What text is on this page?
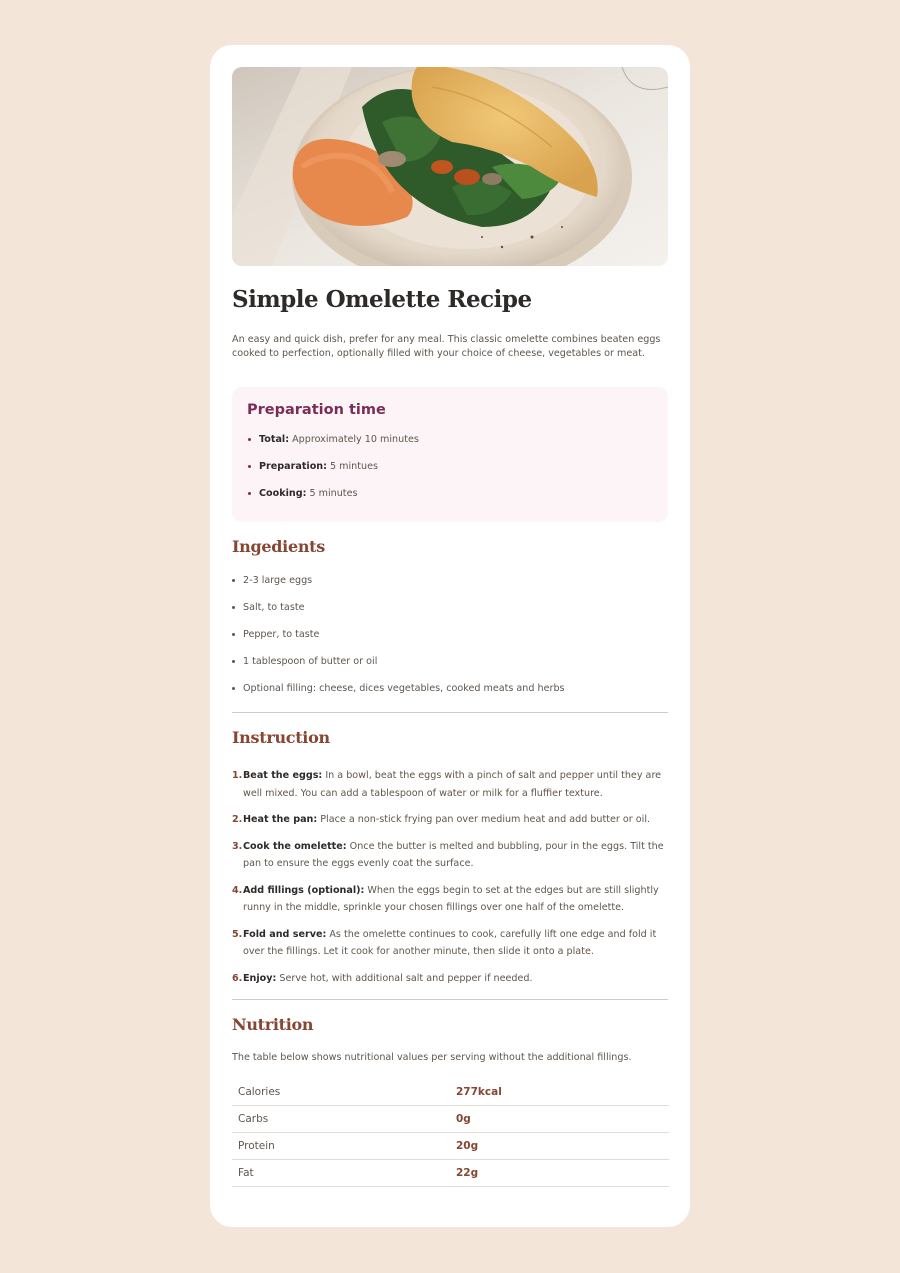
Simple Omelette Recipe

An easy and quick dish, prefer for any meal. This classic omelette combines beaten eggs cooked to perfection, optionally filled with your choice of cheese, vegetables or meat.

Preparation time
Total: Approximately 10 minutes
Preparation: 5 mintues
Cooking: 5 minutes
Ingedients
2-3 large eggs
Salt, to taste
Pepper, to taste
1 tablespoon of butter or oil
Optional filling: cheese, dices vegetables, cooked meats and herbs
Instruction
1. Beat the eggs: In a bowl, beat the eggs with a pinch of salt and pepper until they are well mixed. You can add a tablespoon of water or milk for a fluffier texture.
2. Heat the pan: Place a non-stick frying pan over medium heat and add butter or oil.
3. Cook the omelette: Once the butter is melted and bubbling, pour in the eggs. Tilt the pan to ensure the eggs evenly coat the surface.
4. Add fillings (optional): When the eggs begin to set at the edges but are still slightly runny in the middle, sprinkle your chosen fillings over one half of the omelette.
5. Fold and serve: As the omelette continues to cook, carefully lift one edge and fold it over the fillings. Let it cook for another minute, then slide it onto a plate.
6. Enjoy: Serve hot, with additional salt and pepper if needed.
Nutrition

The table below shows nutritional values per serving without the additional fillings.

Calories	277kcal
Carbs	0g
Protein	20g
Fat	22g
